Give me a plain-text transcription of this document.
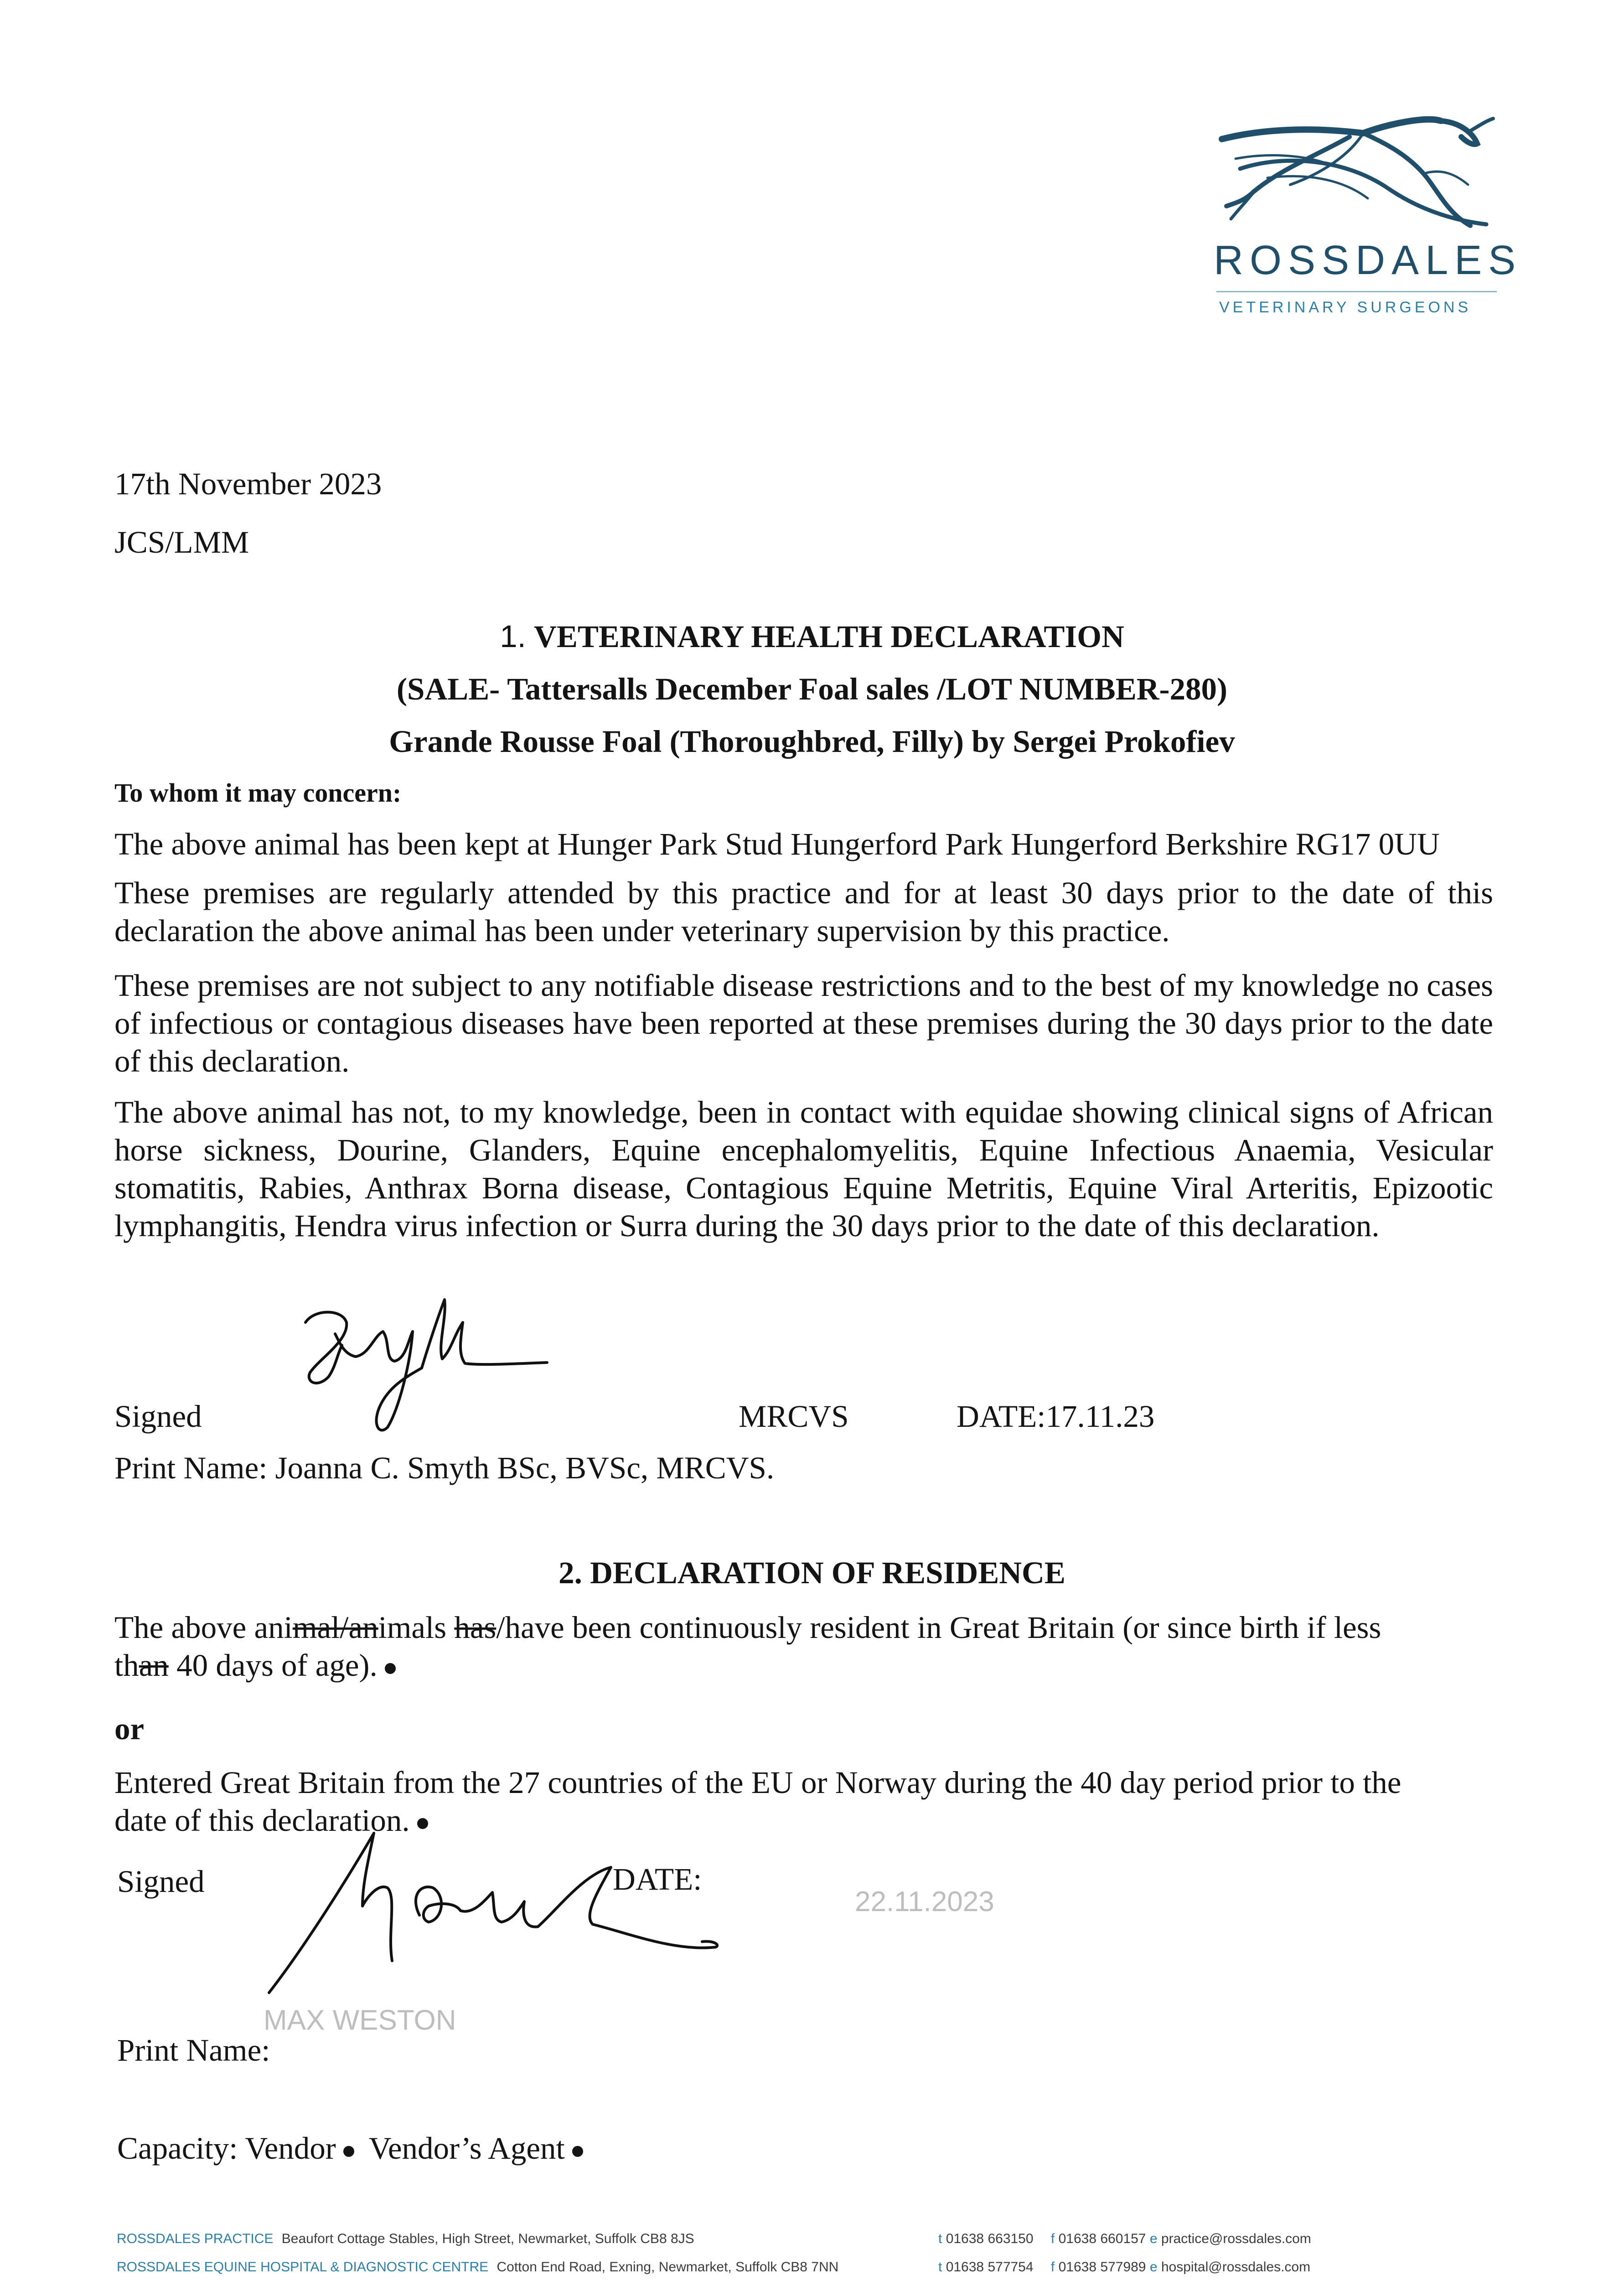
ROSSDALES
VETERINARY SURGEONS
17th November 2023
JCS/LMM
1. VETERINARY HEALTH DECLARATION
(SALE- Tattersalls December Foal sales /LOT NUMBER-280)
Grande Rousse Foal (Thoroughbred, Filly) by Sergei Prokofiev
To whom it may concern:

The above animal has been kept at Hunger Park Stud Hungerford Park Hungerford Berkshire RG17 0UU

These premises are regularly attended by this practice and for at least 30 days prior to the date of this declaration the above animal has been under veterinary supervision by this practice.

These premises are not subject to any notifiable disease restrictions and to the best of my knowledge no cases of infectious or contagious diseases have been reported at these premises during the 30 days prior to the date of this declaration.

The above animal has not, to my knowledge, been in contact with equidae showing clinical signs of African horse sickness, Dourine, Glanders, Equine encephalomyelitis, Equine Infectious Anaemia, Vesicular stomatitis, Rabies, Anthrax Borna disease, Contagious Equine Metritis, Equine Viral Arteritis, Epizootic lymphangitis, Hendra virus infection or Surra during the 30 days prior to the date of this declaration.

Signed	MRCVS	DATE:17.11.23
Print Name: Joanna C. Smyth BSc, BVSc, MRCVS.
2. DECLARATION OF RESIDENCE

The above animal/animals has/have been continuously resident in Great Britain (or since birth if less than 40 days of age).

or

Entered Great Britain from the 27 countries of the EU or Norway during the 40 day period prior to the date of this declaration.

Signed	DATE:
22.11.2023
MAX WESTON
Print Name:
Capacity: Vendor Vendor’s Agent
ROSSDALES PRACTICE Beaufort Cottage Stables, High Street, Newmarket, Suffolk CB8 8JS	t 01638 663150 f 01638 660157 e practice@rossdales.com
ROSSDALES EQUINE HOSPITAL & DIAGNOSTIC CENTRE Cotton End Road, Exning, Newmarket, Suffolk CB8 7NN	t 01638 577754 f 01638 577989 e hospital@rossdales.com
